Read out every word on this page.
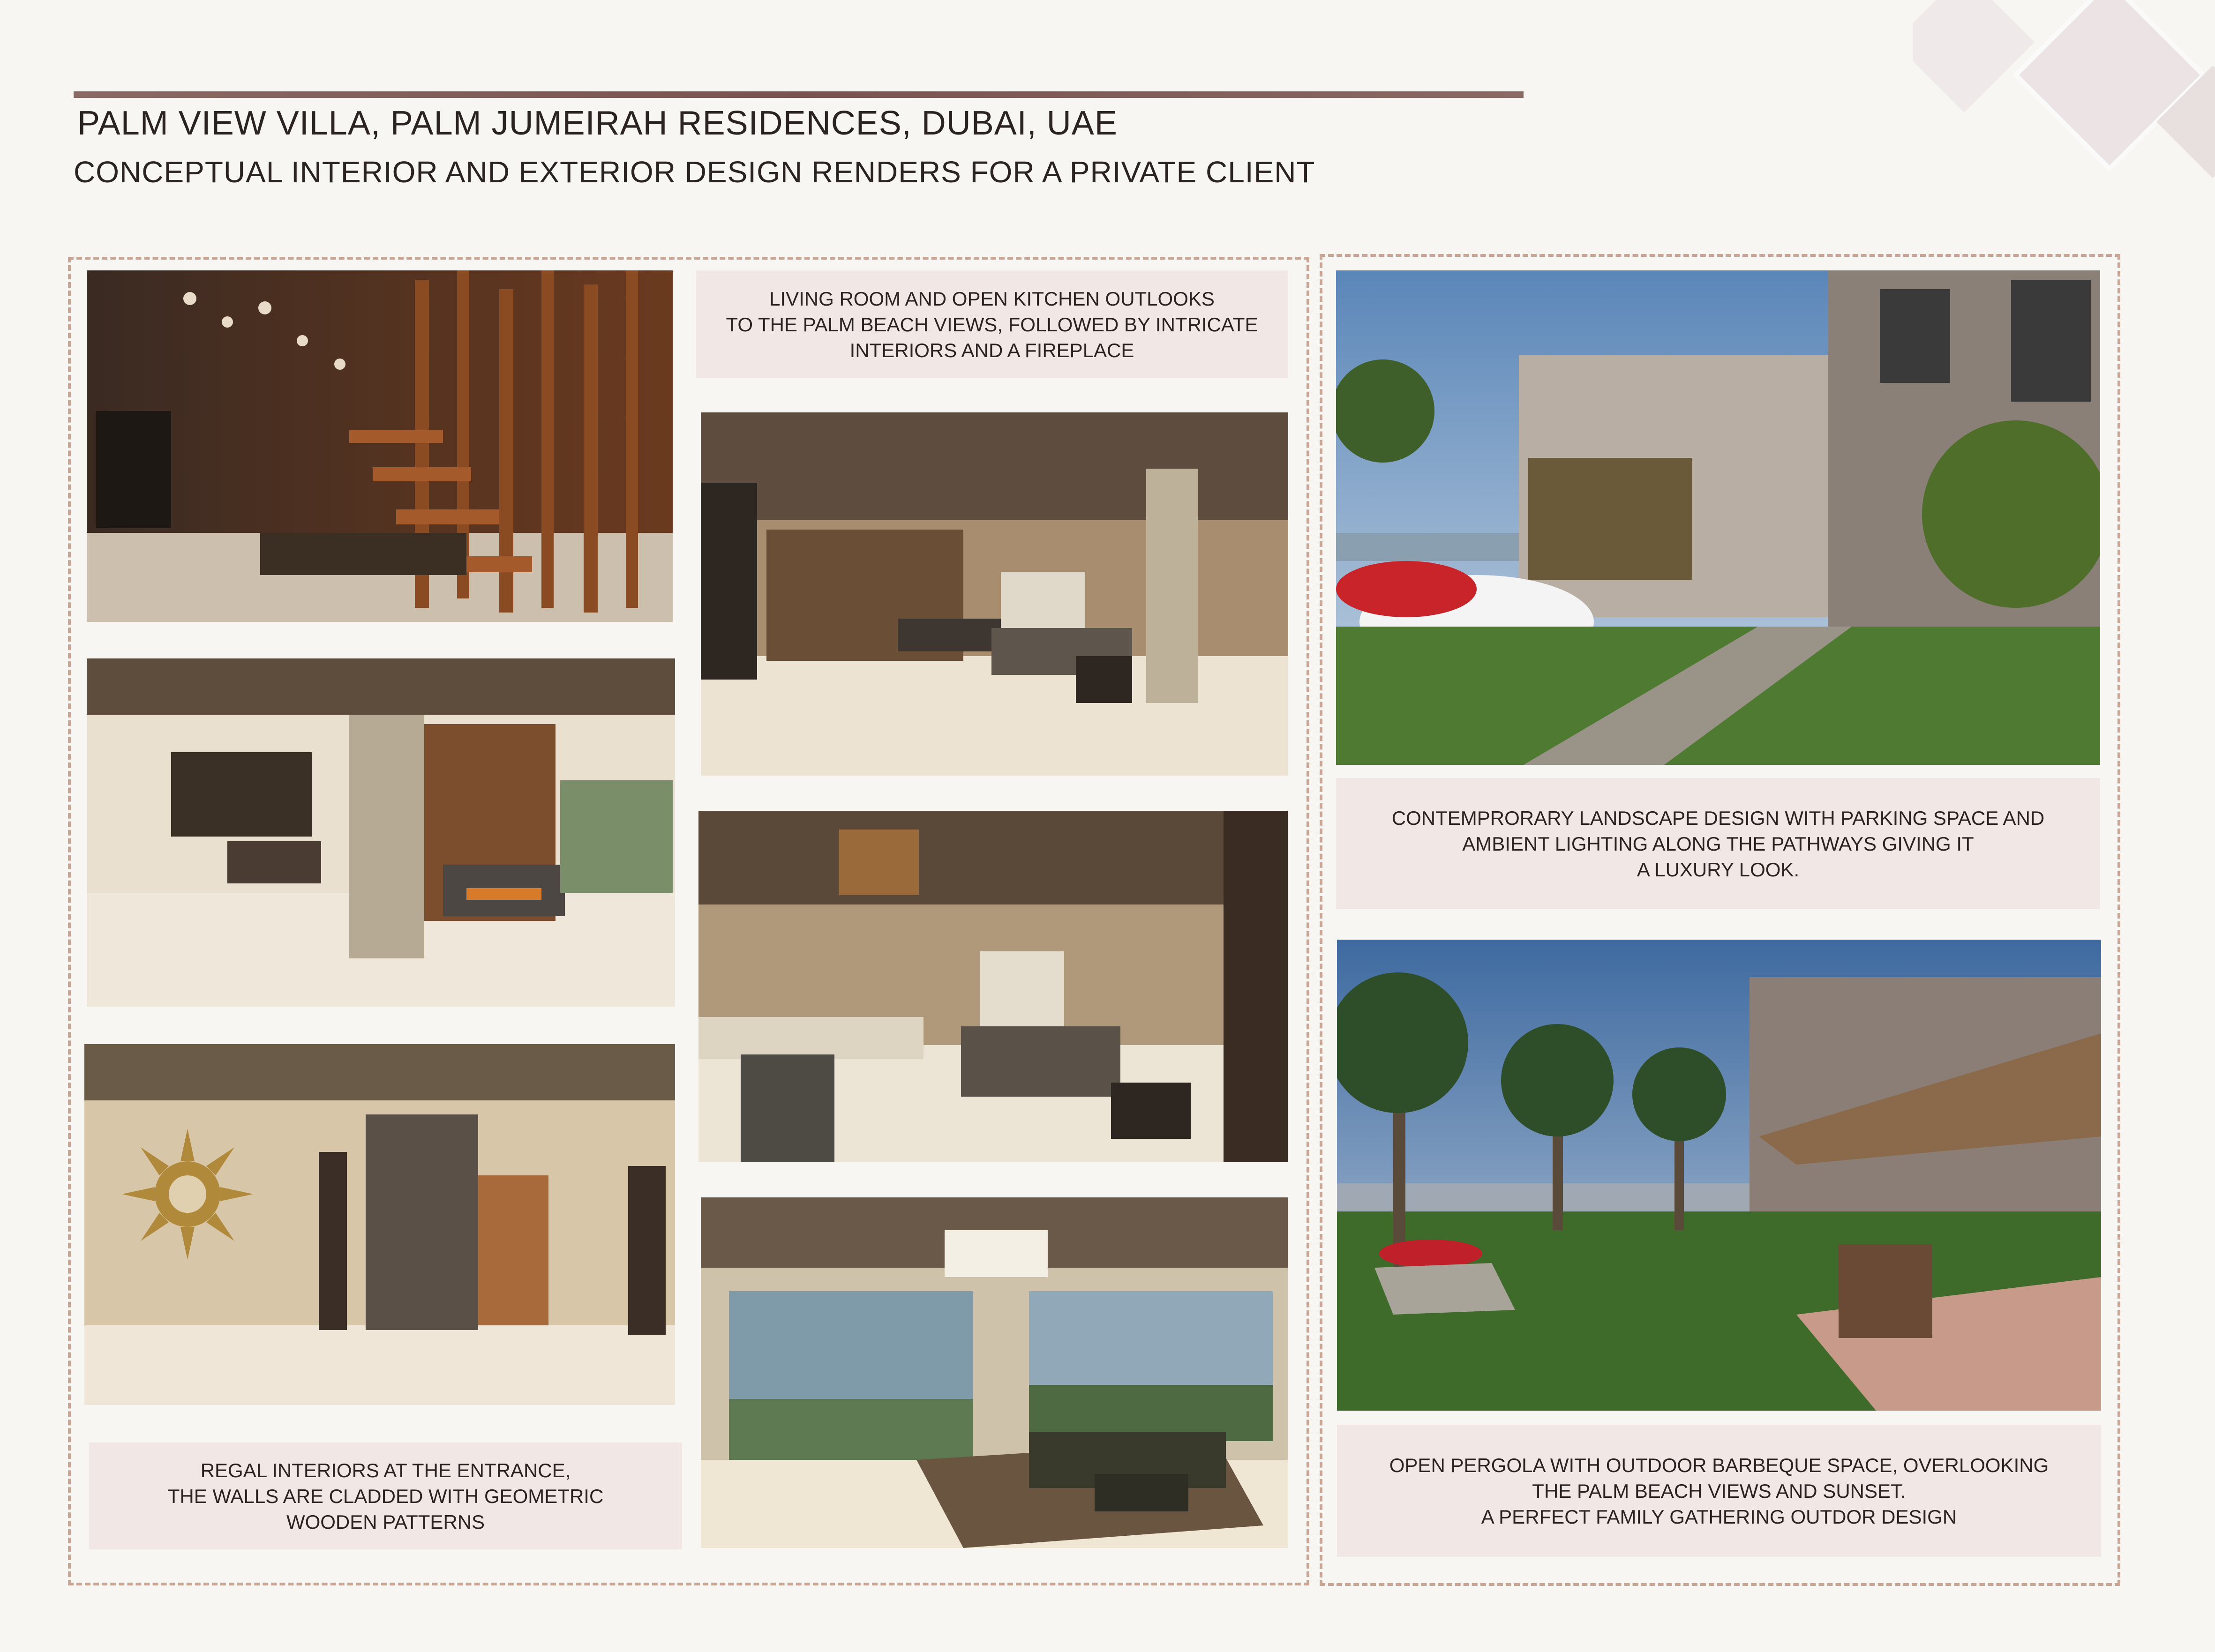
PALM VIEW VILLA, PALM JUMEIRAH RESIDENCES, DUBAI, UAE
CONCEPTUAL INTERIOR AND EXTERIOR DESIGN RENDERS FOR A PRIVATE CLIENT
REGAL INTERIORS AT THE ENTRANCE,
THE WALLS ARE CLADDED WITH GEOMETRIC
WOODEN PATTERNS
LIVING ROOM AND OPEN KITCHEN OUTLOOKS
TO THE PALM BEACH VIEWS, FOLLOWED BY INTRICATE
INTERIORS AND A FIREPLACE
CONTEMPRORARY LANDSCAPE DESIGN WITH PARKING SPACE AND
AMBIENT LIGHTING ALONG THE PATHWAYS GIVING IT
A LUXURY LOOK.
OPEN PERGOLA WITH OUTDOOR BARBEQUE SPACE, OVERLOOKING
THE PALM BEACH VIEWS AND SUNSET.
A PERFECT FAMILY GATHERING OUTDOR DESIGN
